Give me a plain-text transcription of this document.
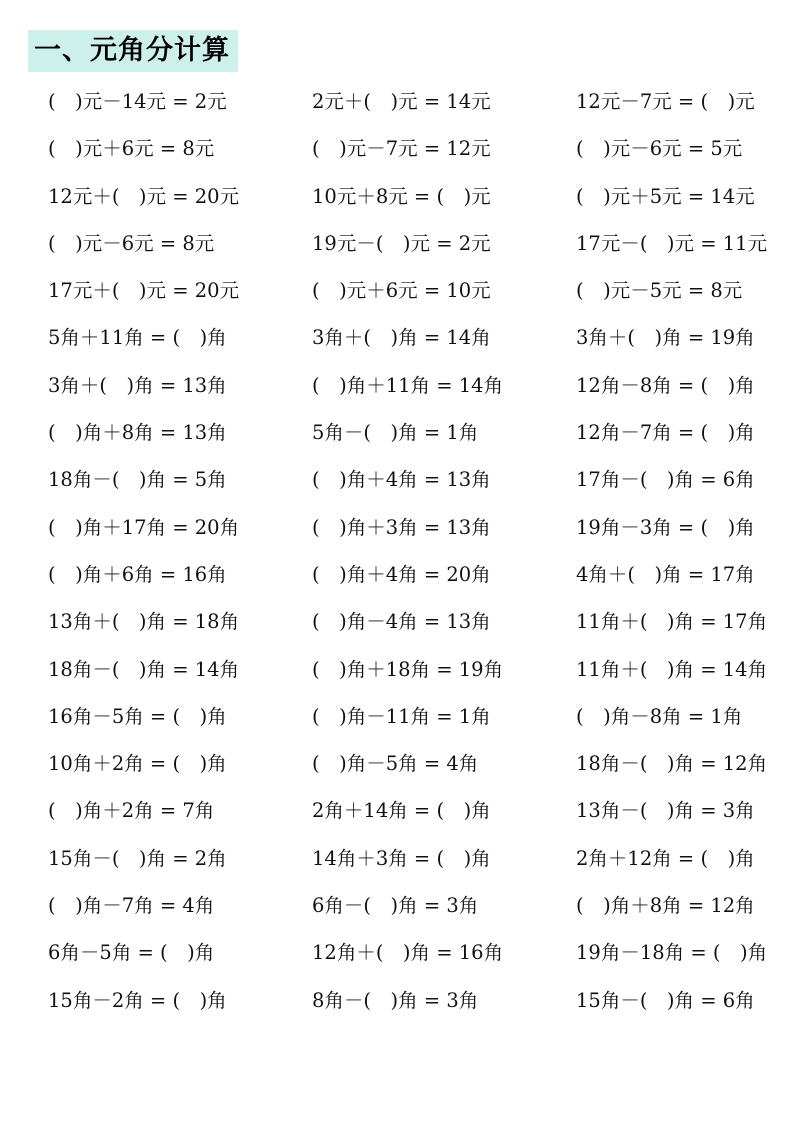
一、元角分计算
(　)元－14元 = 2元	2元＋(　)元 = 14元	12元－7元 = (　)元
(　)元＋6元 = 8元	(　)元－7元 = 12元	(　)元－6元 = 5元
12元＋(　)元 = 20元	10元＋8元 = (　)元	(　)元＋5元 = 14元
(　)元－6元 = 8元	19元－(　)元 = 2元	17元－(　)元 = 11元
17元＋(　)元 = 20元	(　)元＋6元 = 10元	(　)元－5元 = 8元
5角＋11角 = (　)角	3角＋(　)角 = 14角	3角＋(　)角 = 19角
3角＋(　)角 = 13角	(　)角＋11角 = 14角	12角－8角 = (　)角
(　)角＋8角 = 13角	5角－(　)角 = 1角	12角－7角 = (　)角
18角－(　)角 = 5角	(　)角＋4角 = 13角	17角－(　)角 = 6角
(　)角＋17角 = 20角	(　)角＋3角 = 13角	19角－3角 = (　)角
(　)角＋6角 = 16角	(　)角＋4角 = 20角	4角＋(　)角 = 17角
13角＋(　)角 = 18角	(　)角－4角 = 13角	11角＋(　)角 = 17角
18角－(　)角 = 14角	(　)角＋18角 = 19角	11角＋(　)角 = 14角
16角－5角 = (　)角	(　)角－11角 = 1角	(　)角－8角 = 1角
10角＋2角 = (　)角	(　)角－5角 = 4角	18角－(　)角 = 12角
(　)角＋2角 = 7角	2角＋14角 = (　)角	13角－(　)角 = 3角
15角－(　)角 = 2角	14角＋3角 = (　)角	2角＋12角 = (　)角
(　)角－7角 = 4角	6角－(　)角 = 3角	(　)角＋8角 = 12角
6角－5角 = (　)角	12角＋(　)角 = 16角	19角－18角 = (　)角
15角－2角 = (　)角	8角－(　)角 = 3角	15角－(　)角 = 6角
